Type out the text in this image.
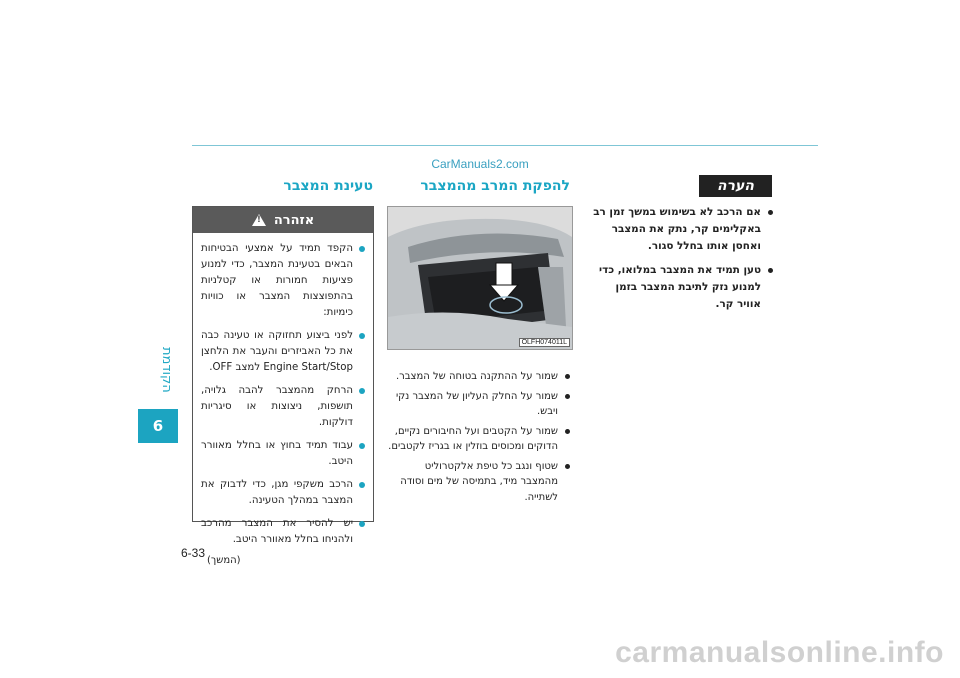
CarManuals2.com
הקודמת
6
6-33
טעינת המצבר	להפקת המרב מהמצבר
אזהרה
!
הקפד תמיד על אמצעי הבטיחות הבאים בטעינת המצבר, כדי למנוע פציעות חמורות או קטלניות בהתפוצצות המצבר או כוויות כימיות:
לפני ביצוע תחזוקה או טעינה כבה את כל האביזרים והעבר את הלחצן Engine Start/Stop למצב OFF.
הרחק מהמצבר להבה גלויה, תושפות, ניצוצות או סיגריות דולקות.
עבוד תמיד בחוץ או בחלל מאוורר היטב.
הרכב משקפי מגן, כדי לדבוק את המצבר במהלך הטעינה.
יש להסיר את המצבר מהרכב ולהניחו בחלל מאוורר היטב.
(המשך)
OLFH074011L
שמור על ההתקנה בטוחה של המצבר.
שמור על החלק העליון של המצבר נקי ויבש.
שמור על הקטבים ועל החיבורים נקיים, הדוקים ומכוסים בוזלין או בגריז לקטבים.
שטוף ונגב כל טיפת אלקטרוליט מהמצבר מיד, בתמיסה של מים וסודה לשתייה.
הערה
אם הרכב לא בשימוש במשך זמן רב באקלימים קר, נתק את המצבר ואחסן אותו בחלל סגור.
טען תמיד את המצבר במלואו, כדי למנוע נזק לתיבת המצבר בזמן אוויר קר.
carmanualsonline.info
